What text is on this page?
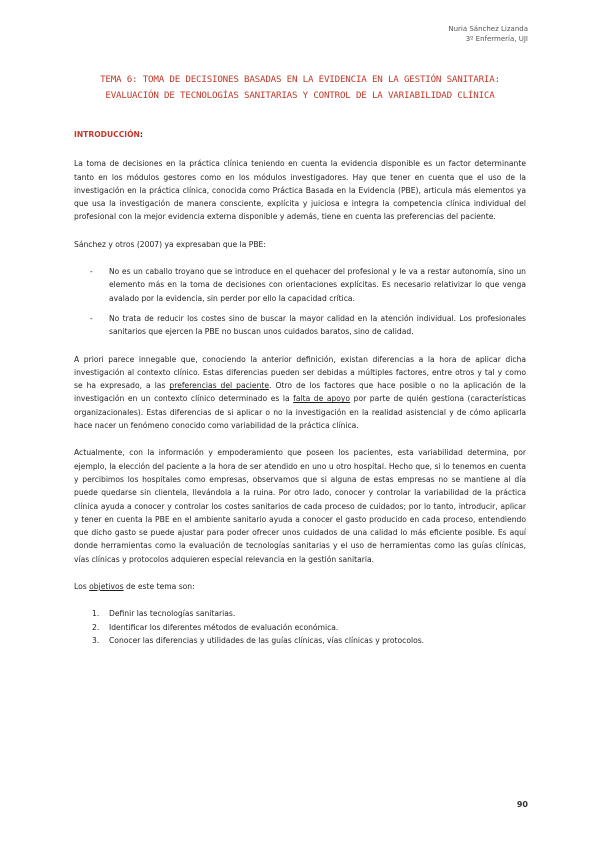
Nuria Sánchez Lizanda
3º Enfermería, UJI
TEMA 6: TOMA DE DECISIONES BASADAS EN LA EVIDENCIA EN LA GESTIÓN SANITARIA: EVALUACIÓN DE TECNOLOGÍAS SANITARIAS Y CONTROL DE LA VARIABILIDAD CLÍNICA
INTRODUCCIÓN:

La toma de decisiones en la práctica clínica teniendo en cuenta la evidencia disponible es un factor determinante tanto en los módulos gestores como en los módulos investigadores. Hay que tener en cuenta que el uso de la investigación en la práctica clínica, conocida como Práctica Basada en la Evidencia (PBE), articula más elementos ya que usa la investigación de manera consciente, explícita y juiciosa e integra la competencia clínica individual del profesional con la mejor evidencia externa disponible y además, tiene en cuenta las preferencias del paciente.

Sánchez y otros (2007) ya expresaban que la PBE:

- No es un caballo troyano que se introduce en el quehacer del profesional y le va a restar autonomía, sino un elemento más en la toma de decisiones con orientaciones explícitas. Es necesario relativizar lo que venga avalado por la evidencia, sin perder por ello la capacidad crítica.
- No trata de reducir los costes sino de buscar la mayor calidad en la atención individual. Los profesionales sanitarios que ejercen la PBE no buscan unos cuidados baratos, sino de calidad.

A priori parece innegable que, conociendo la anterior definición, existan diferencias a la hora de aplicar dicha investigación al contexto clínico. Estas diferencias pueden ser debidas a múltiples factores, entre otros y tal y como se ha expresado, a las preferencias del paciente. Otro de los factores que hace posible o no la aplicación de la investigación en un contexto clínico determinado es la falta de apoyo por parte de quién gestiona (características organizacionales). Estas diferencias de si aplicar o no la investigación en la realidad asistencial y de cómo aplicarla hace nacer un fenómeno conocido como variabilidad de la práctica clínica.

Actualmente, con la información y empoderamiento que poseen los pacientes, esta variabilidad determina, por ejemplo, la elección del paciente a la hora de ser atendido en uno u otro hospital. Hecho que, si lo tenemos en cuenta y percibimos los hospitales como empresas, observamos que si alguna de estas empresas no se mantiene al día puede quedarse sin clientela, llevándola a la ruina. Por otro lado, conocer y controlar la variabilidad de la práctica clínica ayuda a conocer y controlar los costes sanitarios de cada proceso de cuidados; por lo tanto, introducir, aplicar y tener en cuenta la PBE en el ambiente sanitario ayuda a conocer el gasto producido en cada proceso, entendiendo que dicho gasto se puede ajustar para poder ofrecer unos cuidados de una calidad lo más eficiente posible. Es aquí donde herramientas como la evaluación de tecnologías sanitarias y el uso de herramientas como las guías clínicas, vías clínicas y protocolos adquieren especial relevancia en la gestión sanitaria.

Los objetivos de este tema son:

1. Definir las tecnologías sanitarias.
2. Identificar los diferentes métodos de evaluación económica.
3. Conocer las diferencias y utilidades de las guías clínicas, vías clínicas y protocolos.
90
